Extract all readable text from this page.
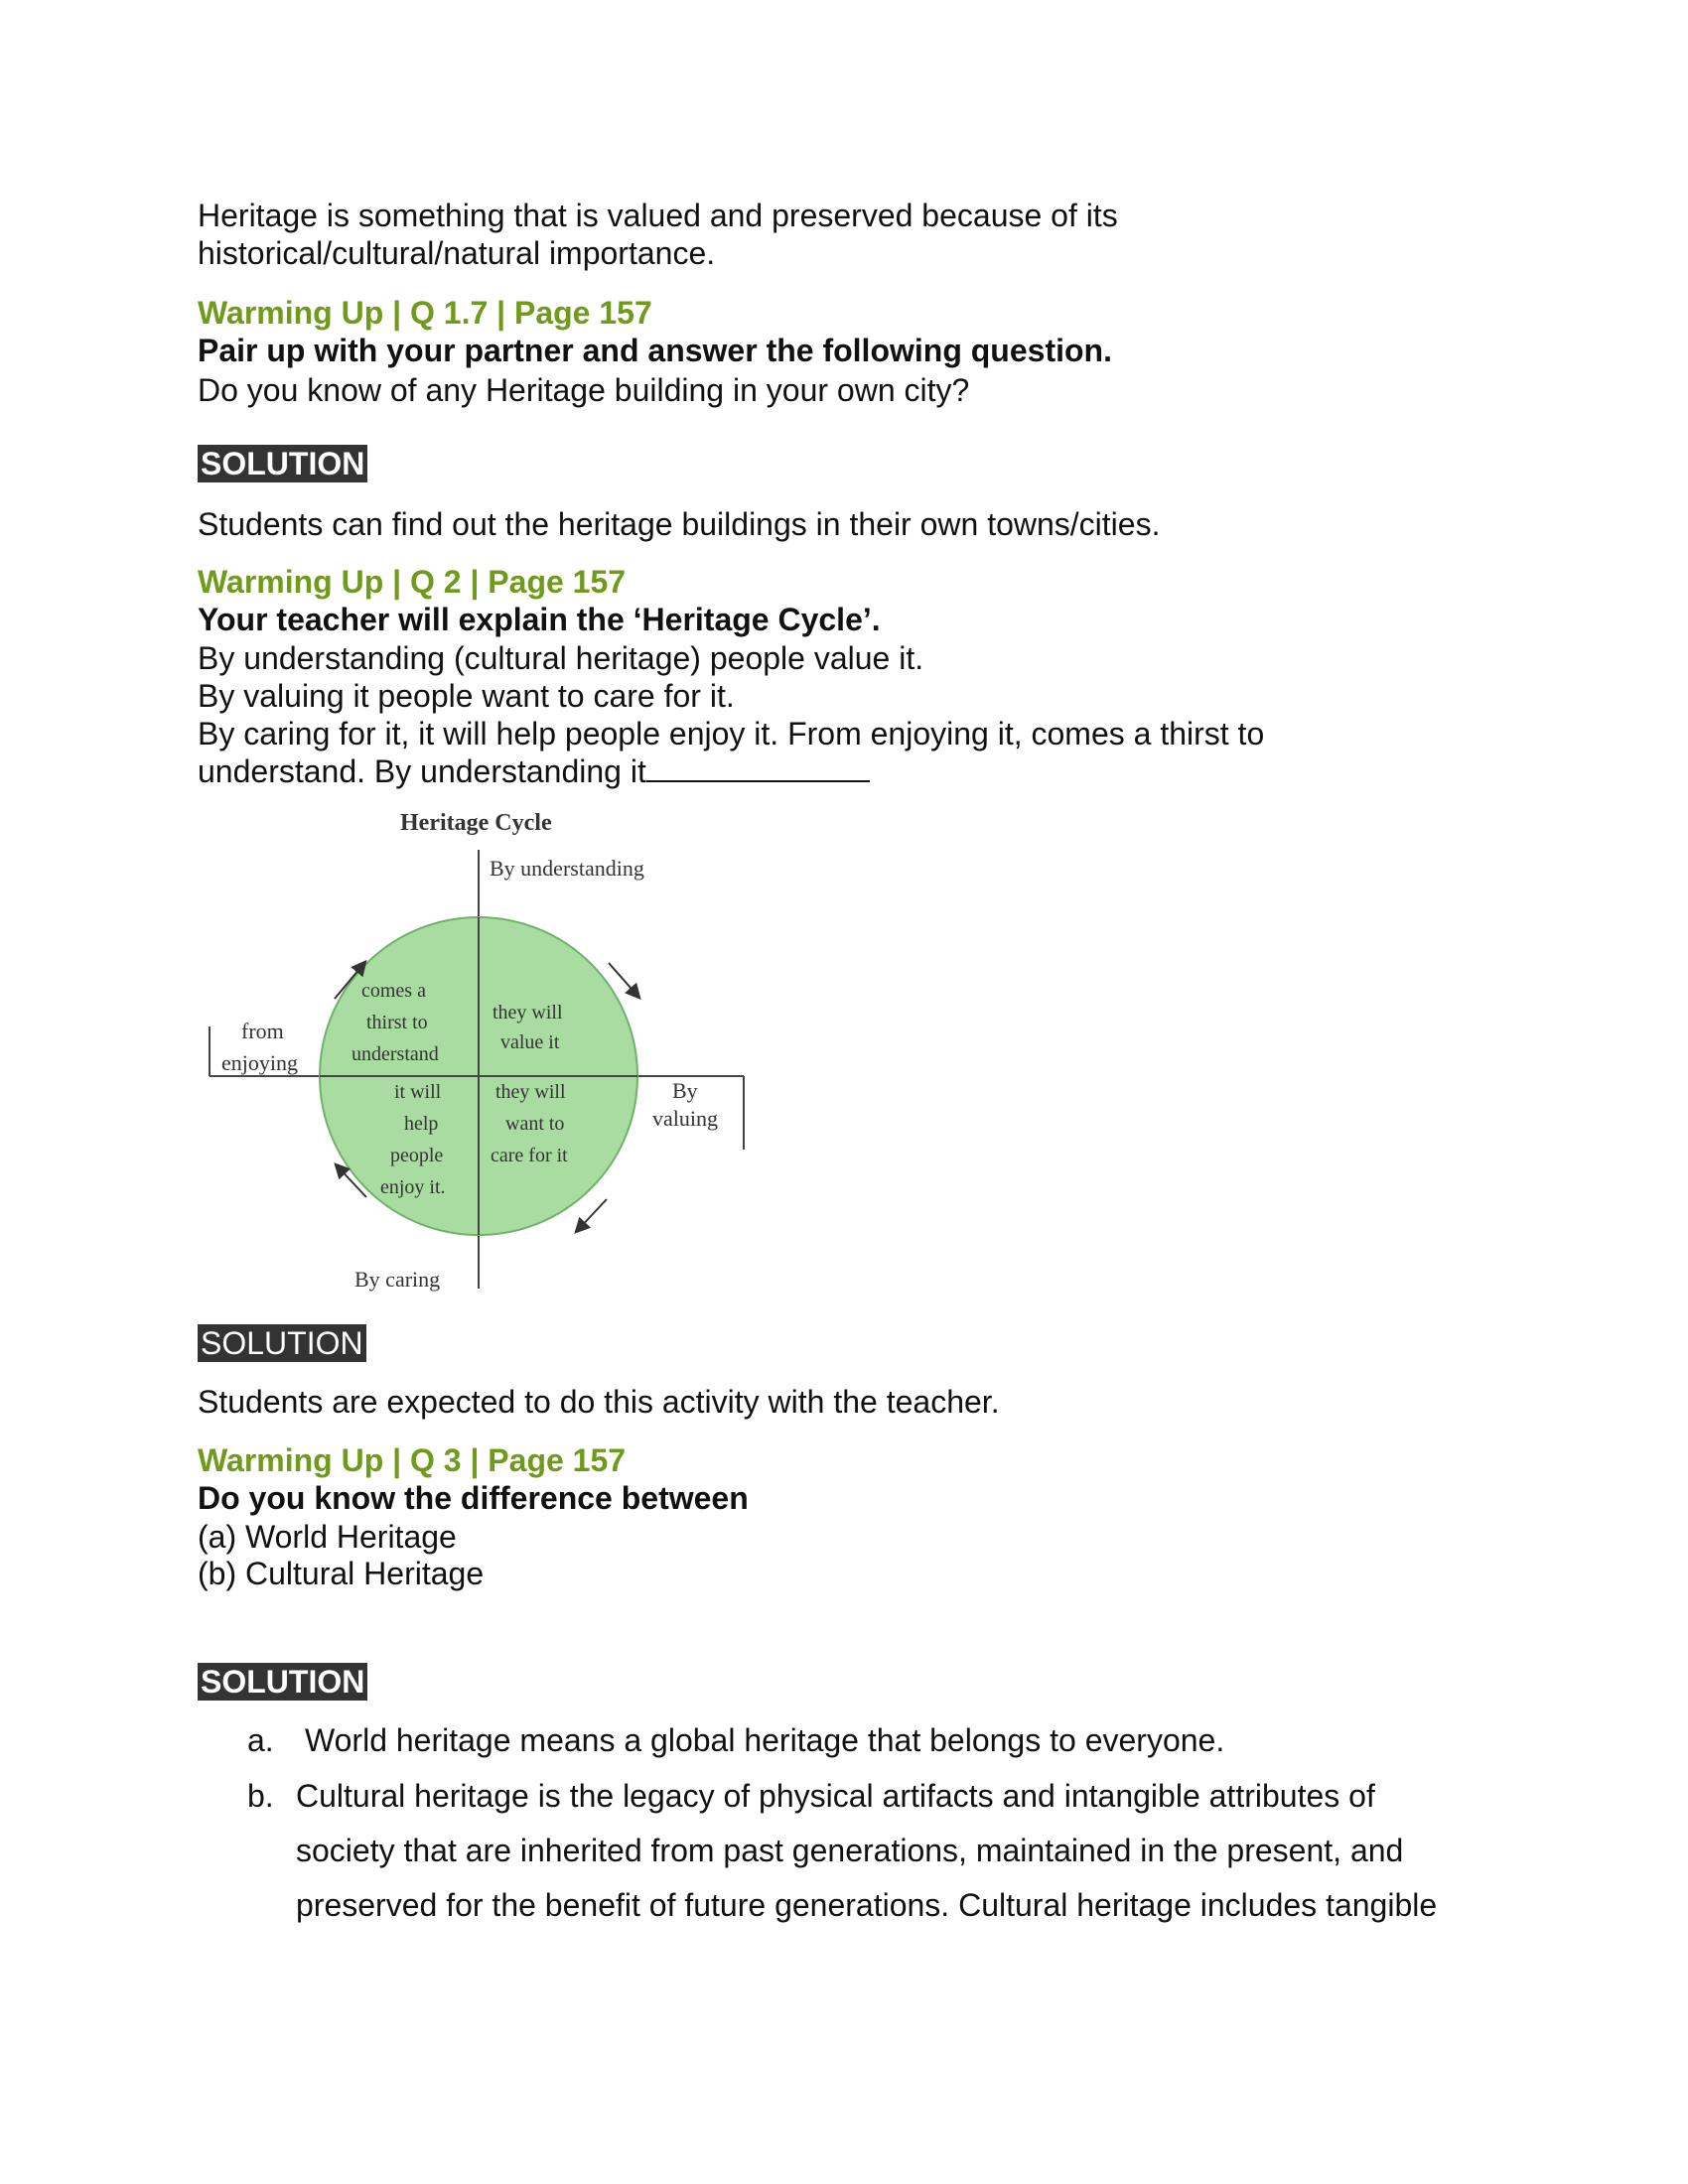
Heritage is something that is valued and preserved because of its
historical/cultural/natural importance.
Warming Up | Q 1.7 | Page 157
Pair up with your partner and answer the following question.
Do you know of any Heritage building in your own city?
SOLUTION
Students can find out the heritage buildings in their own towns/cities.
Warming Up | Q 2 | Page 157
Your teacher will explain the ‘Heritage Cycle’.
By understanding (cultural heritage) people value it.
By valuing it people want to care for it.
By caring for it, it will help people enjoy it. From enjoying it, comes a thirst to
understand. By understanding it
Heritage Cycle
By understanding
By
valuing
By caring
from
enjoying
comes a
thirst to
understand
they will
value it
they will
want to
care for it
it will
help
people
enjoy it.
SOLUTION
Students are expected to do this activity with the teacher.
Warming Up | Q 3 | Page 157
Do you know the difference between
(a) World Heritage
(b) Cultural Heritage
SOLUTION
a. World heritage means a global heritage that belongs to everyone.
b. Cultural heritage is the legacy of physical artifacts and intangible attributes of
society that are inherited from past generations, maintained in the present, and
preserved for the benefit of future generations. Cultural heritage includes tangible
